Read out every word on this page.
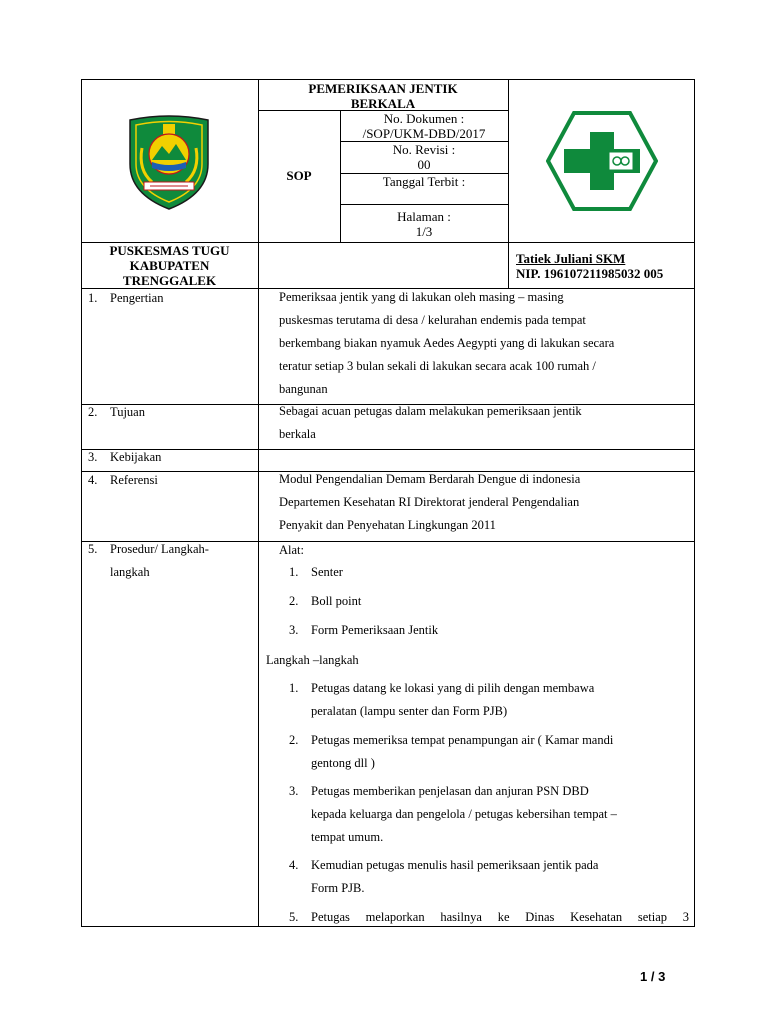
PEMERIKSAAN JENTIK BERKALA
SOP
No. Dokumen :
/SOP/UKM-DBD/2017
No. Revisi :
00
Tanggal Terbit :
Halaman :
1/3
PUSKESMAS TUGU
KABUPATEN
TRENGGALEK
Tatiek Juliani SKM
NIP. 196107211985032 005
1. Pengertian	Pemeriksaa jentik yang di lakukan oleh masing – masing
puskesmas terutama di desa / kelurahan endemis pada tempat
berkembang biakan nyamuk Aedes Aegypti yang di lakukan secara
teratur setiap 3 bulan sekali di lakukan secara acak 100 rumah /
bangunan
2. Tujuan	Sebagai acuan petugas dalam melakukan pemeriksaan jentik
berkala
3. Kebijakan
4. Referensi	Modul Pengendalian Demam Berdarah Dengue di indonesia
Departemen Kesehatan RI Direktorat jenderal Pengendalian
Penyakit dan Penyehatan Lingkungan 2011
5. Prosedur/ Langkah-
langkah
Alat:
1. Senter
2. Boll point
3. Form Pemeriksaan Jentik
Langkah –langkah
1. Petugas datang ke lokasi yang di pilih dengan membawa
peralatan (lampu senter dan Form PJB)
2. Petugas memeriksa tempat penampungan air ( Kamar mandi
gentong dll )
3. Petugas memberikan penjelasan dan anjuran PSN DBD
kepada keluarga dan pengelola / petugas kebersihan tempat –
tempat umum.
4. Kemudian petugas menulis hasil pemeriksaan jentik pada
Form PJB.
5. Petugas melaporkan hasilnya ke Dinas Kesehatan setiap 3
1 / 3
